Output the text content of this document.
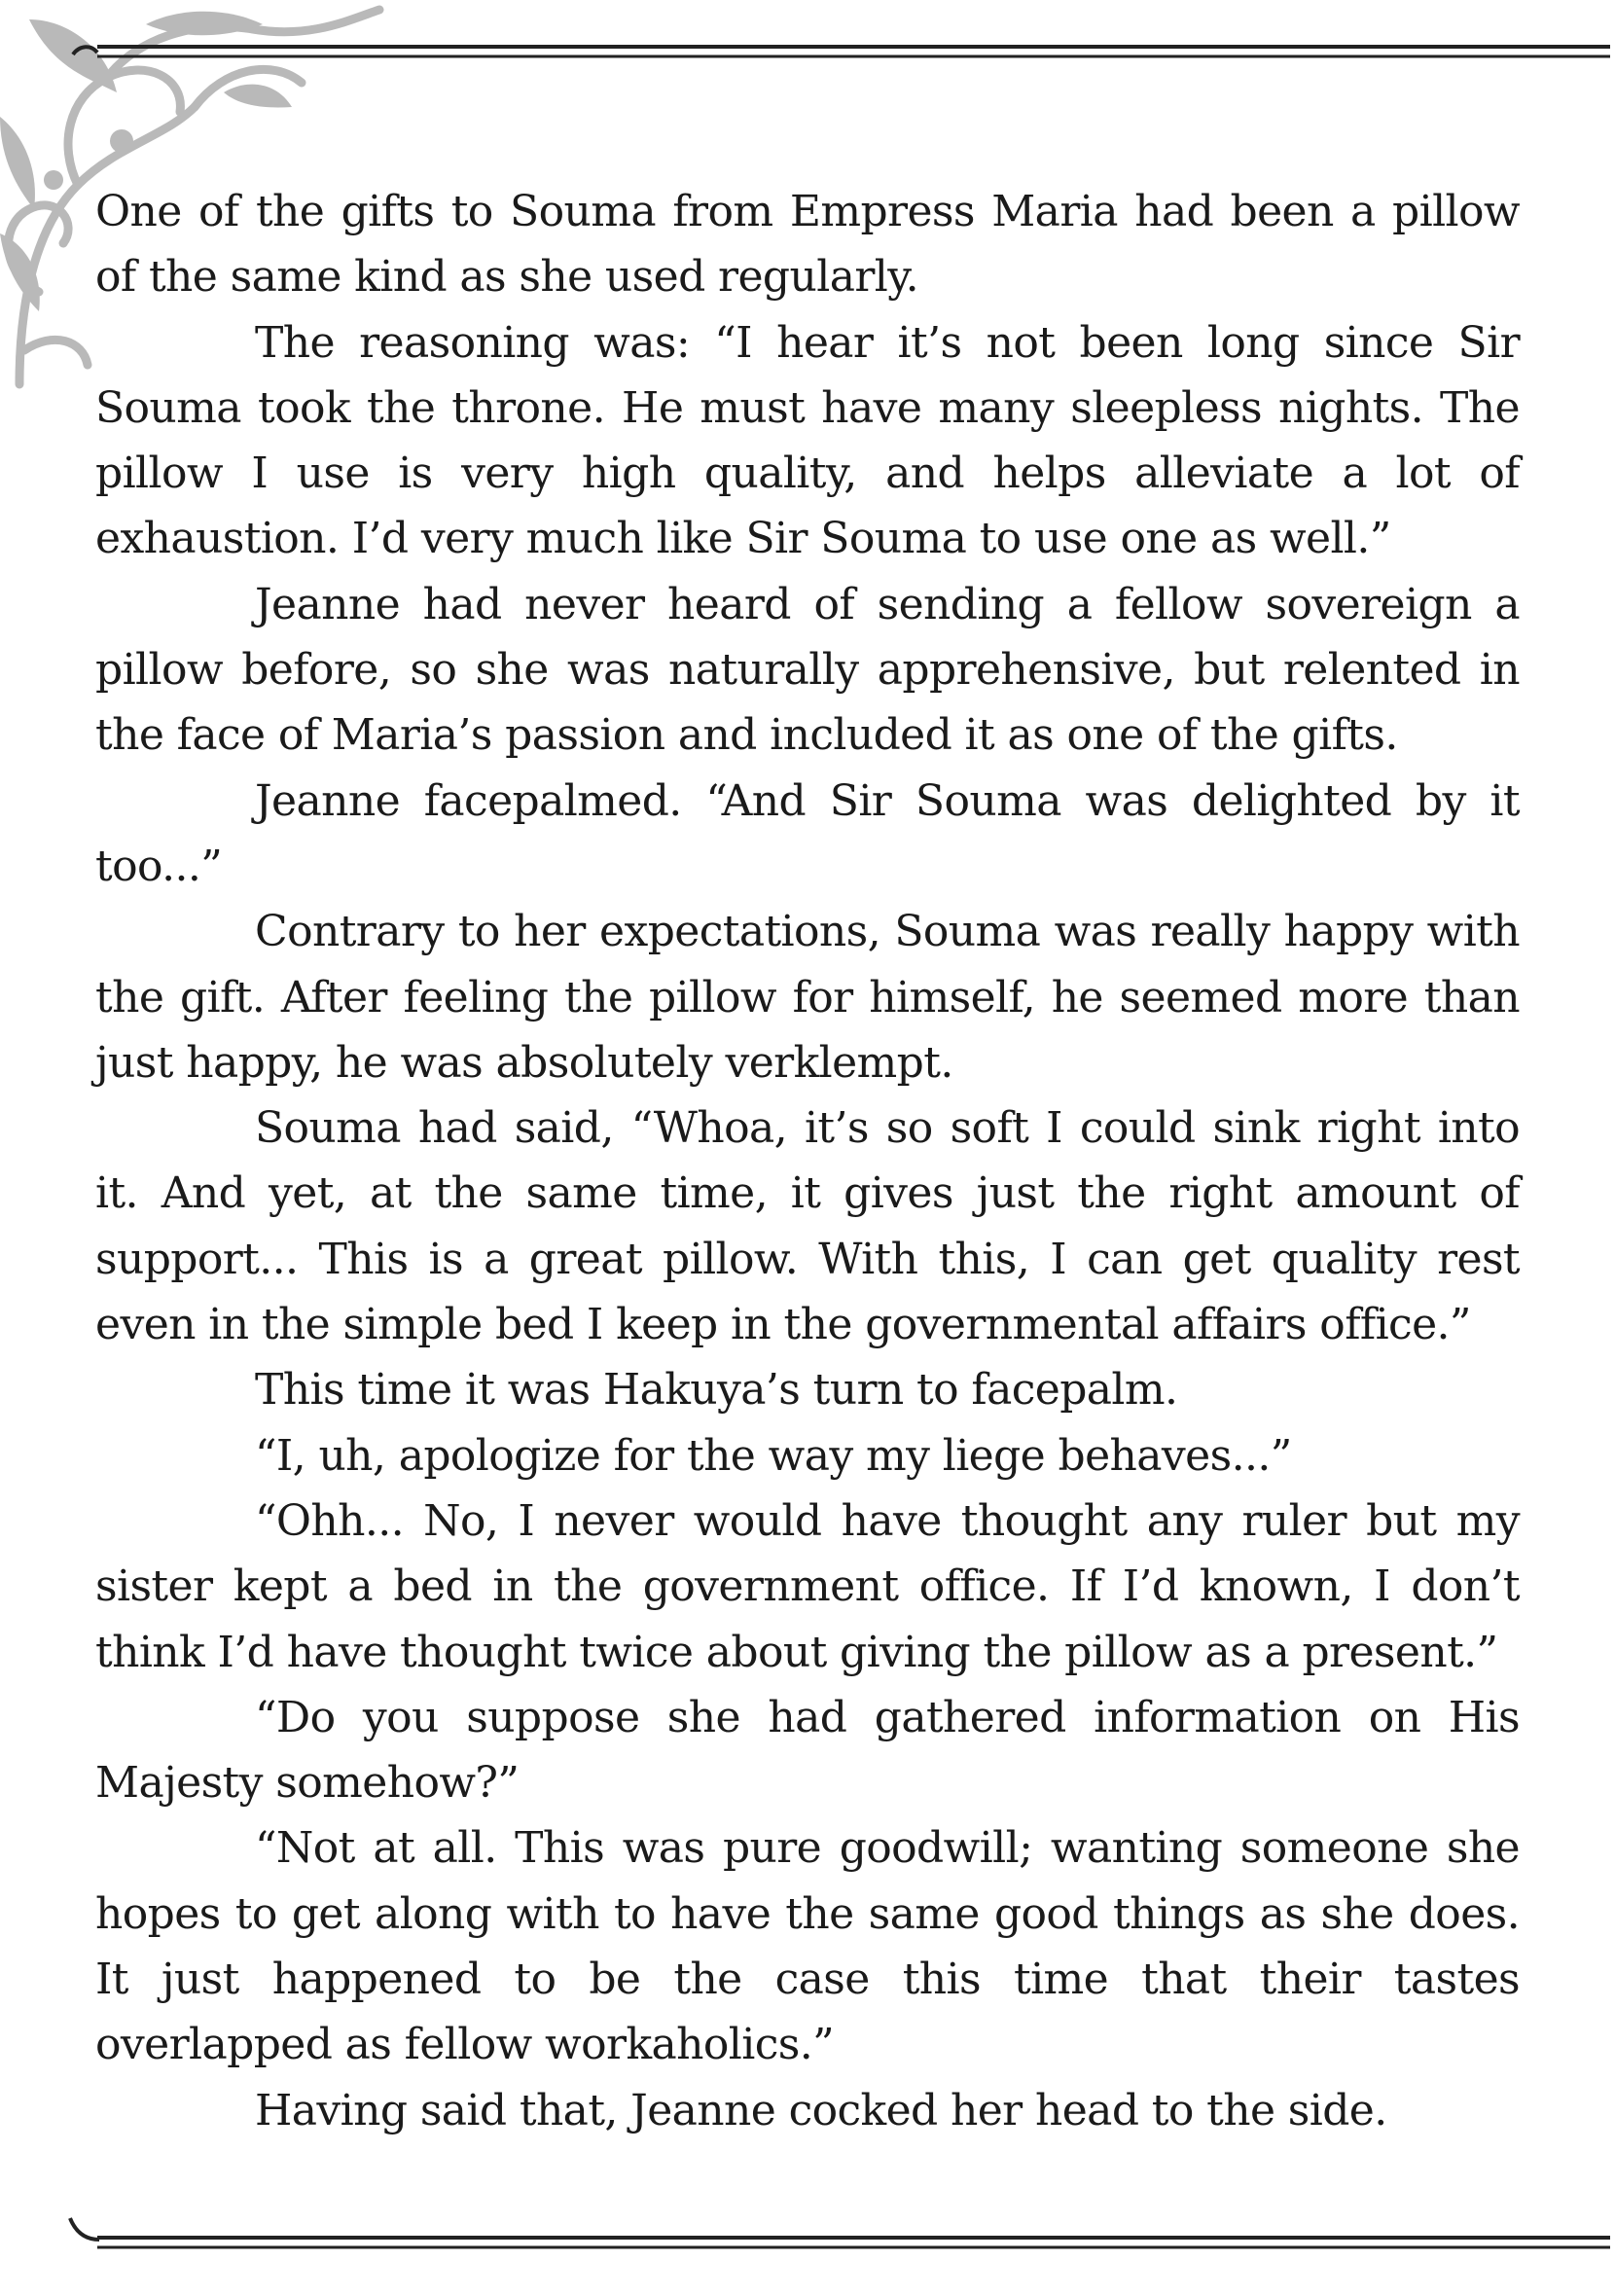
One of the gifts to Souma from Empress Maria had been a pillow of the same kind as she used regularly.

The reasoning was: “I hear it’s not been long since Sir Souma took the throne. He must have many sleepless nights. The pillow I use is very high quality, and helps alleviate a lot of exhaustion. I’d very much like Sir Souma to use one as well.”

Jeanne had never heard of sending a fellow sovereign a pillow before, so she was naturally apprehensive, but relented in the face of Maria’s passion and included it as one of the gifts.

Jeanne facepalmed. “And Sir Souma was delighted by it too...”

Contrary to her expectations, Souma was really happy with the gift. After feeling the pillow for himself, he seemed more than just happy, he was absolutely verklempt.

Souma had said, “Whoa, it’s so soft I could sink right into it. And yet, at the same time, it gives just the right amount of support... This is a great pillow. With this, I can get quality rest even in the simple bed I keep in the governmental affairs office.”

This time it was Hakuya’s turn to facepalm.

“I, uh, apologize for the way my liege behaves...”

“Ohh... No, I never would have thought any ruler but my sister kept a bed in the government office. If I’d known, I don’t think I’d have thought twice about giving the pillow as a present.”

“Do you suppose she had gathered information on His Majesty somehow?”

“Not at all. This was pure goodwill; wanting someone she hopes to get along with to have the same good things as she does. It just happened to be the case this time that their tastes overlapped as fellow workaholics.”

Having said that, Jeanne cocked her head to the side.
